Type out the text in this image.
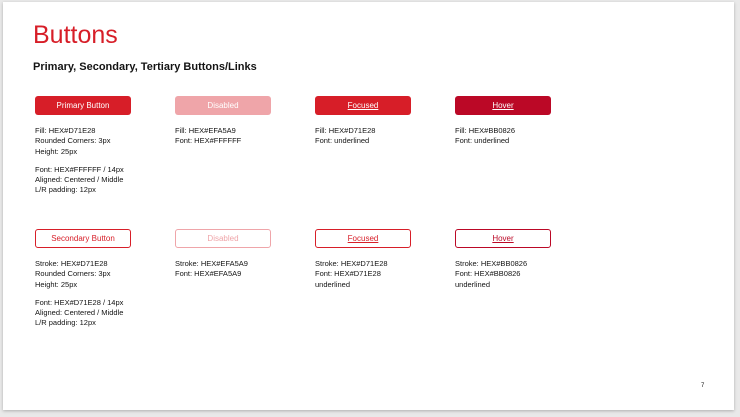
Buttons
Primary, Secondary, Tertiary Buttons/Links
Primary Button	Disabled	Focused	Hover

Fill: HEX#D71E28

Rounded Corners: 3px

Height: 25px

Font: HEX#FFFFFF / 14px

Aligned: Centered / Middle

L/R padding: 12px

Fill: HEX#EFA5A9

Font: HEX#FFFFFF

Fill: HEX#D71E28

Font: underlined

Fill: HEX#BB0826

Font: underlined

Secondary Button	Disabled	Focused	Hover

Stroke: HEX#D71E28

Rounded Corners: 3px

Height: 25px

Font: HEX#D71E28 / 14px

Aligned: Centered / Middle

L/R padding: 12px

Stroke: HEX#EFA5A9

Font: HEX#EFA5A9

Stroke: HEX#D71E28

Font: HEX#D71E28

underlined

Stroke: HEX#BB0826

Font: HEX#BB0826

underlined

7
